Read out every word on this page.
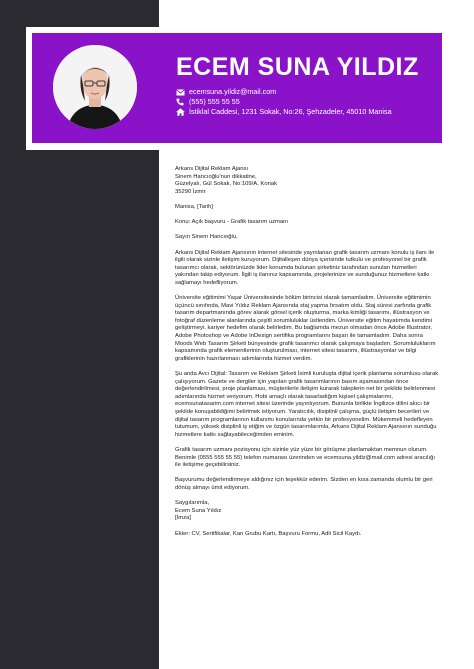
ECEM SUNA YILDIZ
ecemsuna.yildiz@mail.com
(555) 555 55 55
İstiklal Caddesi, 1231 Sokak, No:26, Şehzadeler, 45010 Manisa

Arkans Dijital Reklam Ajansı
Sinem Hancıoğlu'nun dikkatine,
Güzelyalı, Gül Sokak, No:109/A, Konak
35290 İzmir

Manisa, [Tarih]

Konu: Açık başvuru - Grafik tasarım uzmanı

Sayın Sinem Hancıoğlu,

Arkans Dijital Reklam Ajansının internet sitesinde yayınlanan grafik tasarım uzmanı konulu iş ilanı ile ilgili olarak sizinle iletişim kuruyorum. Dijitalleşen dünya içerisinde tutkulu ve profesyonel bir grafik tasarımcı olarak, sektörünüzde lider konumda bulunan şirketiniz tarafından sunulan hizmetleri yakından takip ediyorum. İlgili iş ilanınız kapsamında, projelerinize ve sunduğunuz hizmetlere katkı sağlamayı hedefliyorum.

Üniversite eğitimimi Yaşar Üniversitesinde bölüm birincisi olarak tamamladım. Üniversite eğitimimin üçüncü sınıfında, Mavi Yıldız Reklam Ajansında staj yapma fırsatım oldu. Staj süresi zarfında grafik tasarım departmanında görev alarak görsel içerik oluşturma, marka kimliği tasarımı, illüstrasyon ve fotoğraf düzenleme alanlarında çeşitli sorumluluklar üstlendim. Üniversite eğitim hayatımda kendimi geliştirmeyi, kariyer hedefim olarak belirledim. Bu bağlamda mezun olmadan önce Adobe Illustrator, Adobe Photoshop ve Adobe InDesign sertifika programlarını başarı ile tamamladım. Daha sonra Moods Web Tasarım Şirketi bünyesinde grafik tasarımcı olarak çalışmaya başladım. Sorumluluklarım kapsamında grafik elementlerinin oluşturulması, internet sitesi tasarımı, illüstrasyonlar ve bilgi grafiklerinin hazırlanması adımlarında hizmet verdim.

Şu anda Avcı Dijital: Tasarım ve Reklam Şirketi İsimli kuruluşta dijital içerik planlama sorumlusu olarak çalışıyorum. Gazete ve dergiler için yapılan grafik tasarımlarının basım aşamasından önce değerlendirilmesi, proje planlaması, müşterilerle iletişim kurarak taleplerin net bir şekilde belirlenmesi adımlarında hizmet veriyorum. Hobi amaçlı olarak tasarladığım kişisel çalışmalarımı, ecemsunatasarim.com internet sitesi üzerinde yayınlıyorum. Bununla birlikte İngilizce dilini akıcı bir şekilde konuşabildiğimi belirtmek istiyorum. Yaratıcılık, disiplinli çalışma, güçlü iletişim becerileri ve dijital tasarım programlarının kullanımı konularında yetkin bir profesyonelim. Mükemmeli hedefleyen tutumum, yüksek disiplinli iş etiğim ve özgün tasarımlarımla, Arkans Dijital Reklam Ajansının sunduğu hizmetlere katkı sağlayabileceğimden eminim.

Grafik tasarım uzmanı pozisyonu için sizinle yüz yüze bir görüşme planlamaktan memnun olurum. Benimle (0555 555 55 55) telefon numarası üzerinden ve ecemsuna.yildiz@mail.com adresi aracılığı ile iletişime geçebilirsiniz.

Başvurumu değerlendirmeye aldığınız için teşekkür ederim. Sizden en kısa zamanda olumlu bir geri dönüş almayı ümit ediyorum.

Saygılarımla,
Ecem Suna Yıldız
[İmza]

Ekler: CV, Sertifikalar, Kan Grubu Kartı, Başvuru Formu, Adli Sicil Kaydı.
